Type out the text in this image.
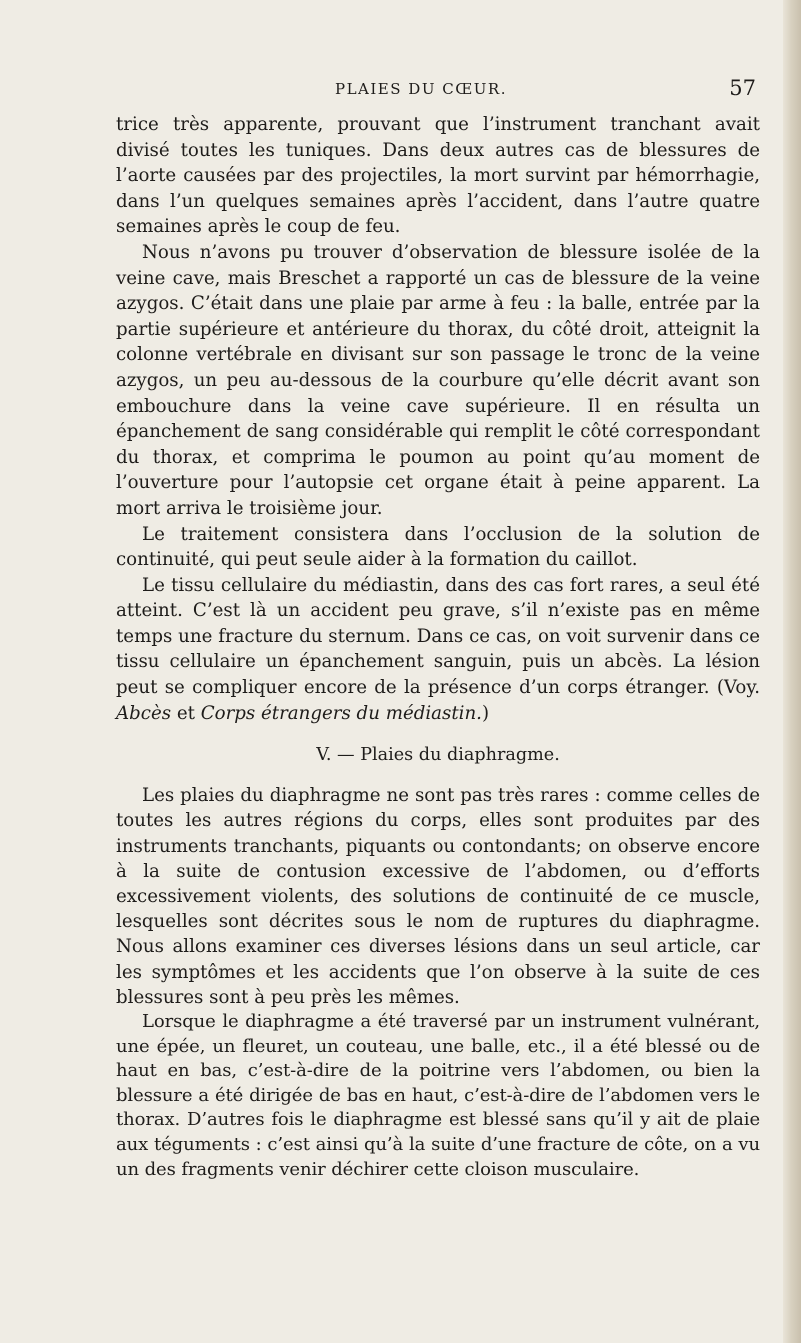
PLAIES DU CŒUR.	57

trice très apparente, prouvant que l’instrument tranchant avait divisé toutes les tuniques. Dans deux autres cas de blessures de l’aorte causées par des projectiles, la mort survint par hémorrhagie, dans l’un quelques semaines après l’accident, dans l’autre quatre semaines après le coup de feu.

Nous n’avons pu trouver d’observation de blessure isolée de la veine cave, mais Breschet a rapporté un cas de blessure de la veine azygos. C’était dans une plaie par arme à feu : la balle, entrée par la partie supérieure et antérieure du thorax, du côté droit, atteignit la colonne vertébrale en divisant sur son passage le tronc de la veine azygos, un peu au-dessous de la courbure qu’elle décrit avant son embouchure dans la veine cave supérieure. Il en résulta un épanchement de sang considérable qui remplit le côté correspondant du thorax, et comprima le poumon au point qu’au moment de l’ouverture pour l’autopsie cet organe était à peine apparent. La mort arriva le troisième jour.

Le traitement consistera dans l’occlusion de la solution de continuité, qui peut seule aider à la formation du caillot.

Le tissu cellulaire du médiastin, dans des cas fort rares, a seul été atteint. C’est là un accident peu grave, s’il n’existe pas en même temps une fracture du sternum. Dans ce cas, on voit survenir dans ce tissu cellulaire un épanchement sanguin, puis un abcès. La lésion peut se compliquer encore de la présence d’un corps étranger. (Voy. Abcès et Corps étrangers du médiastin.)

V. — Plaies du diaphragme.

Les plaies du diaphragme ne sont pas très rares : comme celles de toutes les autres régions du corps, elles sont produites par des instruments tranchants, piquants ou contondants; on observe encore à la suite de contusion excessive de l’abdomen, ou d’efforts excessivement violents, des solutions de continuité de ce muscle, lesquelles sont décrites sous le nom de ruptures du diaphragme. Nous allons examiner ces diverses lésions dans un seul article, car les symptômes et les accidents que l’on observe à la suite de ces blessures sont à peu près les mêmes.

Lorsque le diaphragme a été traversé par un instrument vulnérant, une épée, un fleuret, un couteau, une balle, etc., il a été blessé ou de haut en bas, c’est-à-dire de la poitrine vers l’abdomen, ou bien la blessure a été dirigée de bas en haut, c’est-à-dire de l’abdomen vers le thorax. D’autres fois le diaphragme est blessé sans qu’il y ait de plaie aux téguments : c’est ainsi qu’à la suite d’une fracture de côte, on a vu un des fragments venir déchirer cette cloison musculaire.
